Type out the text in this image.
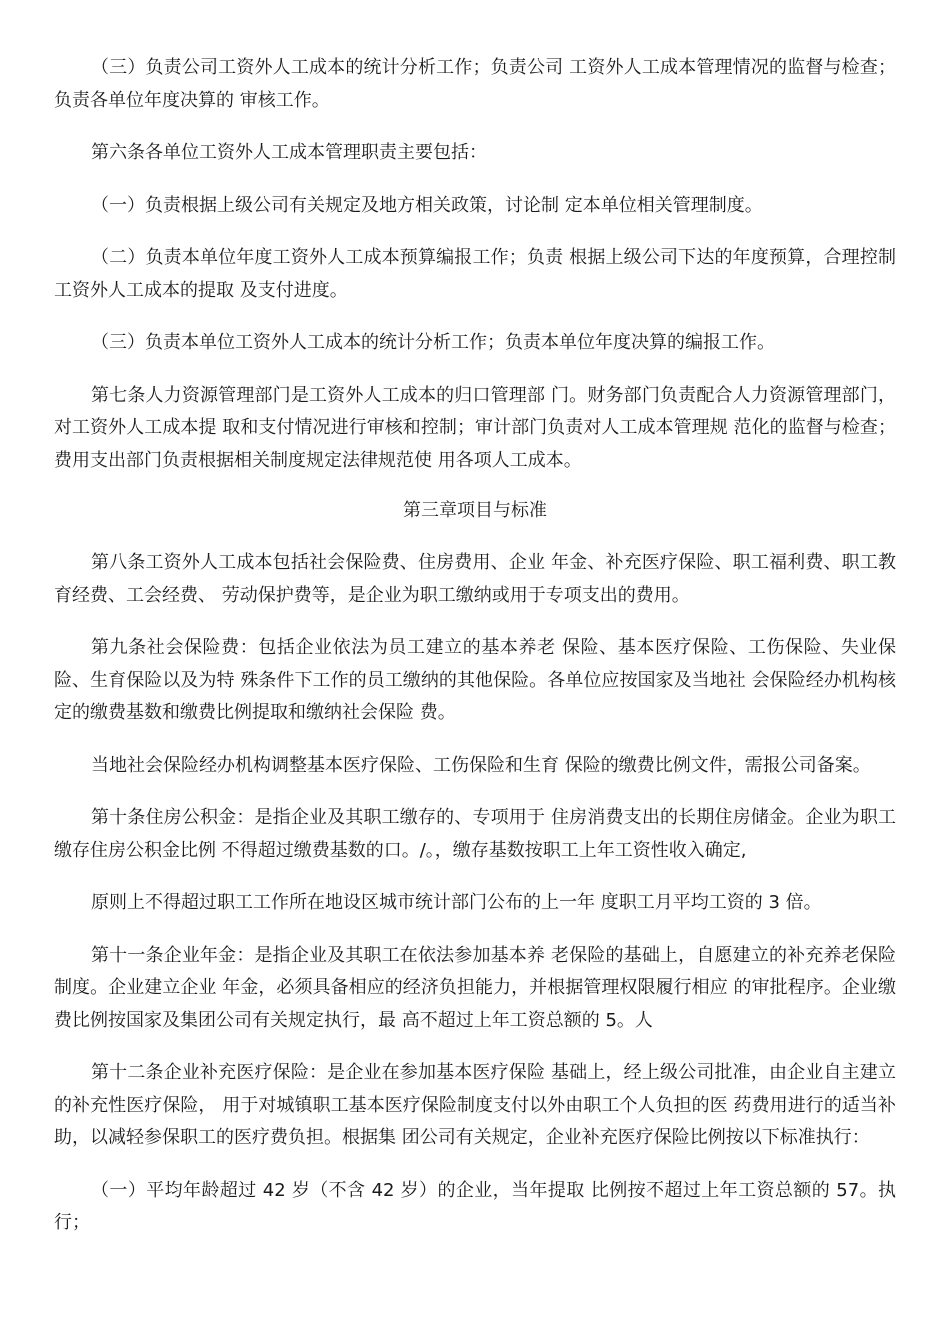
（三）负责公司工资外人工成本的统计分析工作；负责公司 工资外人工成本管理情况的监督与检查；负责各单位年度决算的 审核工作。

第六条各单位工资外人工成本管理职责主要包括：

（一）负责根据上级公司有关规定及地方相关政策，讨论制 定本单位相关管理制度。

（二）负责本单位年度工资外人工成本预算编报工作；负责 根据上级公司下达的年度预算，合理控制工资外人工成本的提取 及支付进度。

（三）负责本单位工资外人工成本的统计分析工作；负责本单位年度决算的编报工作。

第七条人力资源管理部门是工资外人工成本的归口管理部 门。财务部门负责配合人力资源管理部门，对工资外人工成本提 取和支付情况进行审核和控制；审计部门负责对人工成本管理规 范化的监督与检查；费用支出部门负责根据相关制度规定法律规范使 用各项人工成本。

第三章项目与标准

第八条工资外人工成本包括社会保险费、住房费用、企业 年金、补充医疗保险、职工福利费、职工教育经费、工会经费、 劳动保护费等，是企业为职工缴纳或用于专项支出的费用。

第九条社会保险费：包括企业依法为员工建立的基本养老 保险、基本医疗保险、工伤保险、失业保险、生育保险以及为特 殊条件下工作的员工缴纳的其他保险。各单位应按国家及当地社 会保险经办机构核定的缴费基数和缴费比例提取和缴纳社会保险 费。

当地社会保险经办机构调整基本医疗保险、工伤保险和生育 保险的缴费比例文件，需报公司备案。

第十条住房公积金：是指企业及其职工缴存的、专项用于 住房消费支出的长期住房储金。企业为职工缴存住房公积金比例 不得超过缴费基数的口。/。，缴存基数按职工上年工资性收入确定,

原则上不得超过职工工作所在地设区城市统计部门公布的上一年 度职工月平均工资的 3 倍。

第十一条企业年金：是指企业及其职工在依法参加基本养 老保险的基础上，自愿建立的补充养老保险制度。企业建立企业 年金，必须具备相应的经济负担能力，并根据管理权限履行相应 的审批程序。企业缴费比例按国家及集团公司有关规定执行，最 高不超过上年工资总额的 5。人

第十二条企业补充医疗保险：是企业在参加基本医疗保险 基础上，经上级公司批准，由企业自主建立的补充性医疗保险， 用于对城镇职工基本医疗保险制度支付以外由职工个人负担的医 药费用进行的适当补助，以减轻参保职工的医疗费负担。根据集 团公司有关规定，企业补充医疗保险比例按以下标准执行：

（一）平均年龄超过 42 岁（不含 42 岁）的企业，当年提取 比例按不超过上年工资总额的 57。执行；
